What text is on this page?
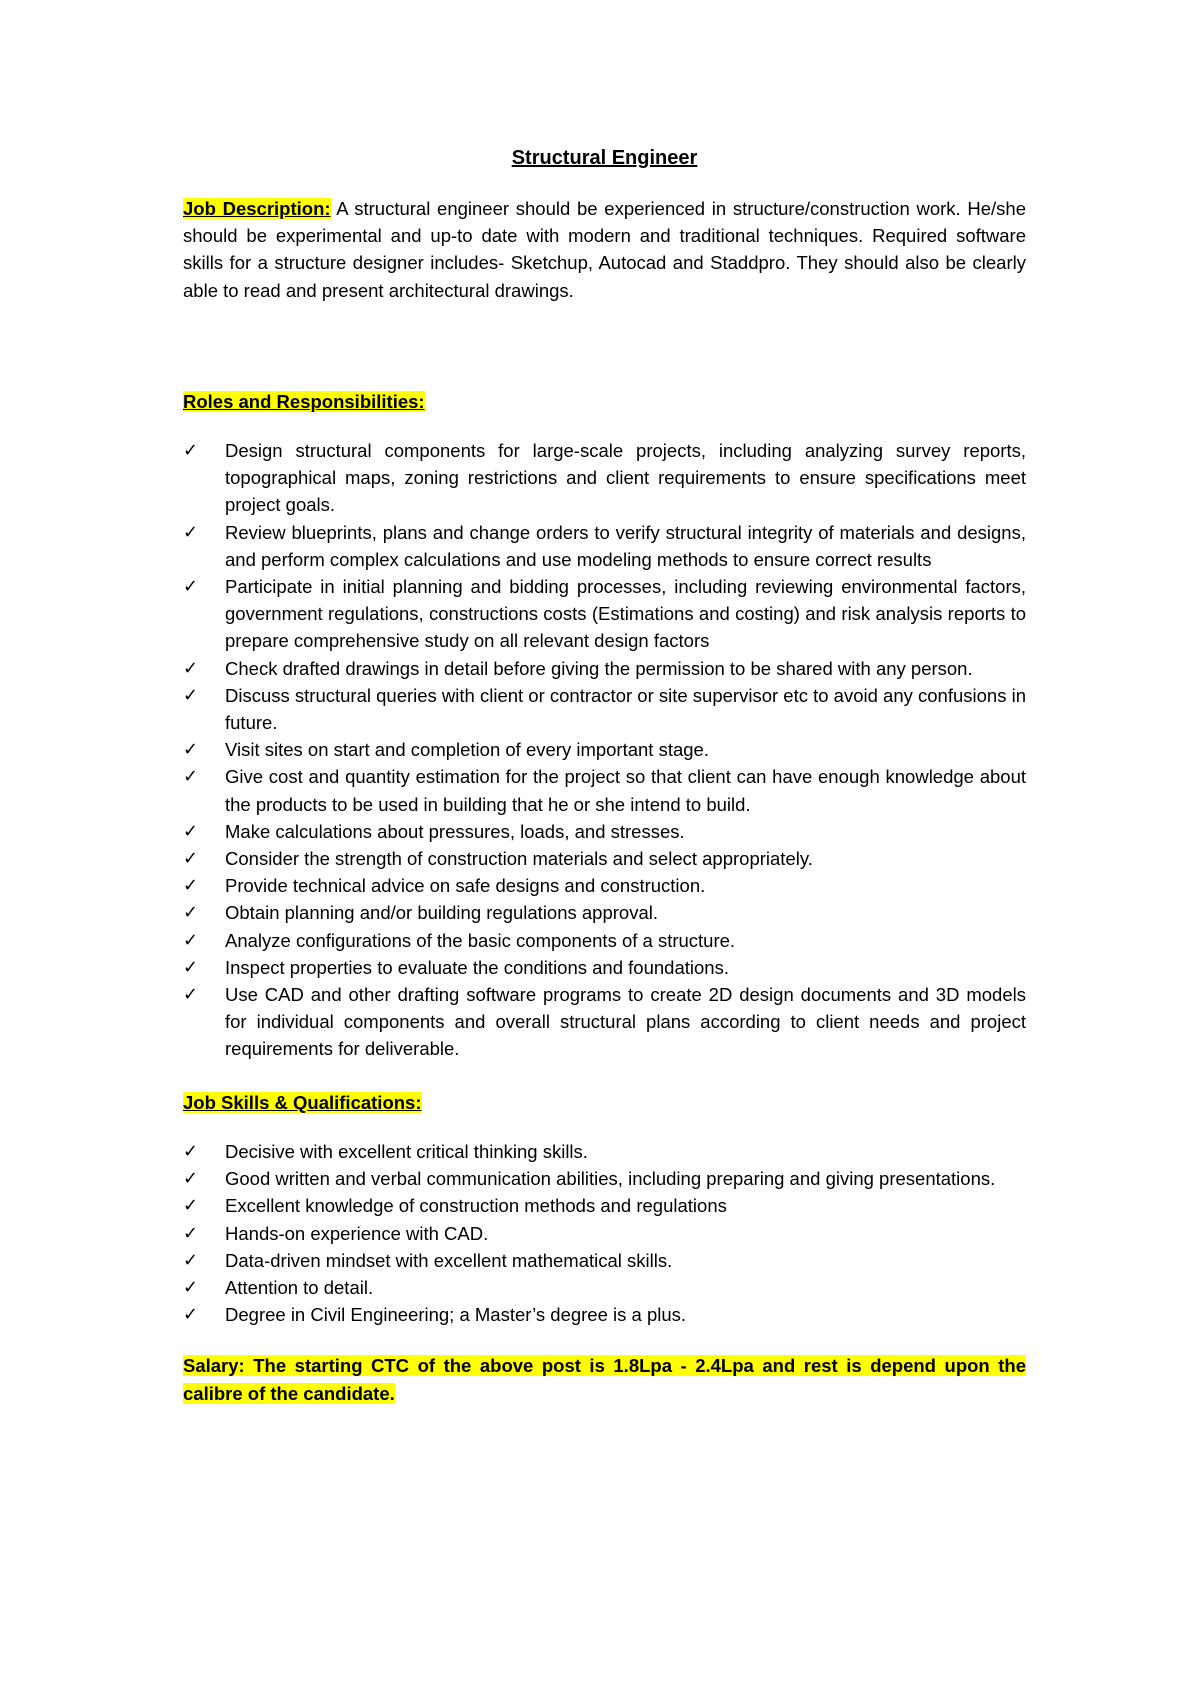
Structural Engineer

Job Description: A structural engineer should be experienced in structure/construction work. He/she should be experimental and up-to date with modern and traditional techniques. Required software skills for a structure designer includes- Sketchup, Autocad and Staddpro. They should also be clearly able to read and present architectural drawings.

Roles and Responsibilities:

✓ Design structural components for large-scale projects, including analyzing survey reports, topographical maps, zoning restrictions and client requirements to ensure specifications meet project goals.
✓ Review blueprints, plans and change orders to verify structural integrity of materials and designs, and perform complex calculations and use modeling methods to ensure correct results
✓ Participate in initial planning and bidding processes, including reviewing environmental factors, government regulations, constructions costs (Estimations and costing) and risk analysis reports to prepare comprehensive study on all relevant design factors
✓ Check drafted drawings in detail before giving the permission to be shared with any person.
✓ Discuss structural queries with client or contractor or site supervisor etc to avoid any confusions in future.
✓ Visit sites on start and completion of every important stage.
✓ Give cost and quantity estimation for the project so that client can have enough knowledge about the products to be used in building that he or she intend to build.
✓ Make calculations about pressures, loads, and stresses.
✓ Consider the strength of construction materials and select appropriately.
✓ Provide technical advice on safe designs and construction.
✓ Obtain planning and/or building regulations approval.
✓ Analyze configurations of the basic components of a structure.
✓ Inspect properties to evaluate the conditions and foundations.
✓ Use CAD and other drafting software programs to create 2D design documents and 3D models for individual components and overall structural plans according to client needs and project requirements for deliverable.

Job Skills & Qualifications:

✓ Decisive with excellent critical thinking skills.
✓ Good written and verbal communication abilities, including preparing and giving presentations.
✓ Excellent knowledge of construction methods and regulations
✓ Hands-on experience with CAD.
✓ Data-driven mindset with excellent mathematical skills.
✓ Attention to detail.
✓ Degree in Civil Engineering; a Master’s degree is a plus.

Salary: The starting CTC of the above post is 1.8Lpa - 2.4Lpa and rest is depend upon the calibre of the candidate.
